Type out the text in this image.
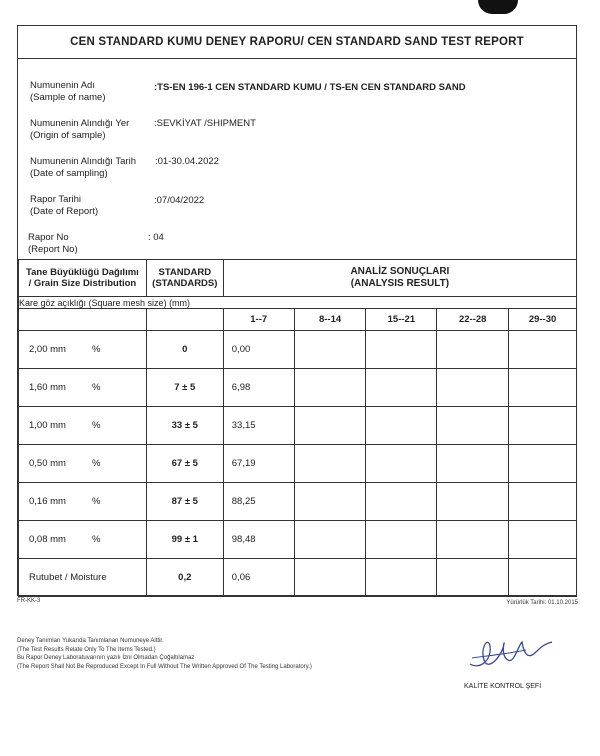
CEN STANDARD KUMU DENEY RAPORU/ CEN STANDARD SAND TEST REPORT
Numunenin Adı
(Sample of name)
:TS-EN 196-1 CEN STANDARD KUMU / TS-EN CEN STANDARD SAND
Numunenin Alındığı Yer
(Origin of sample)
:SEVKİYAT /SHIPMENT
Numunenin Alındığı Tarih
(Date of sampling)
:01-30.04.2022
Rapor Tarihi
(Date of Report)
:07/04/2022
Rapor No
(Report No)
: 04
Tane Büyüklüğü Dağılımı / Grain Size Distribution	STANDARD (STANDARDS)	ANALİZ SONUÇLARI
(ANALYSIS RESULT)				

Kare göz açıklığı (Square mesh size) (mm)						
		1--7	8--14	15--21	22--28	29--30
2,00 mm %	0	0,00				
1,60 mm %	7 ± 5	6,98				
1,00 mm %	33 ± 5	33,15				
0,50 mm %	67 ± 5	67,19				
0,16 mm %	87 ± 5	88,25				
0,08 mm %	99 ± 1	98,48				
Rutubet / Moisture	0,2	0,06				
FR-KK-3	Yürürlük Tarihi: 01.10.2015
Deney Tanımları Yukarıda Tanımlanan Numuneye Aittir.
(The Test Results Relate Only To The Items Tested.)
Bu Rapor Deney Laboratuvarının yazılı İzni Olmadan Çoğaltılamaz
(The Report Shall Not Be Reproduced Except In Full Without The Written Approved Of The Testing Laboratory.)
KALİTE KONTROL ŞEFİ
